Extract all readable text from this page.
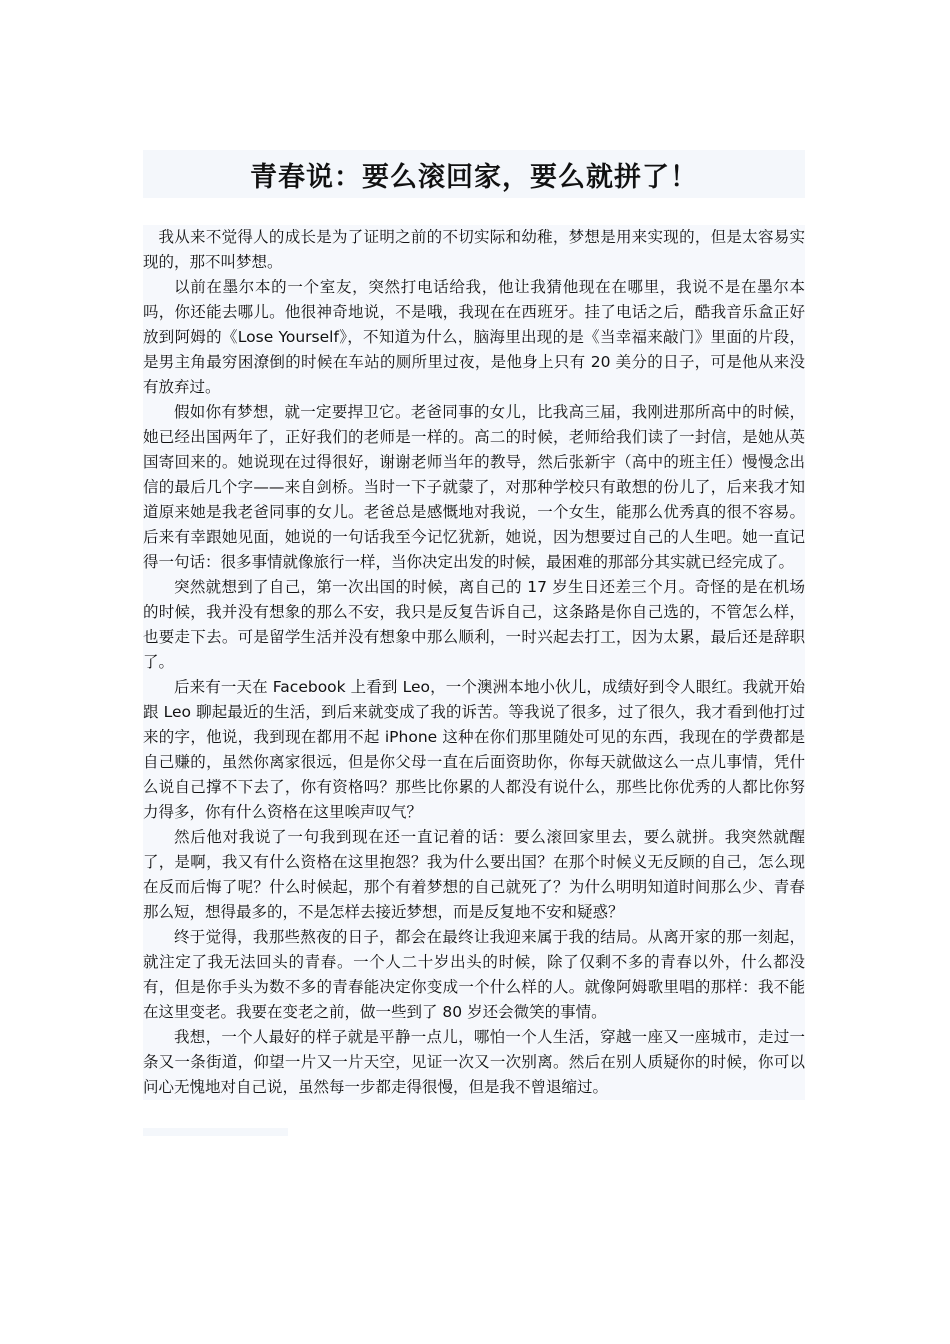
青春说：要么滚回家，要么就拼了！

我从来不觉得人的成长是为了证明之前的不切实际和幼稚，梦想是用来实现的，但是太容易实现的，那不叫梦想。

以前在墨尔本的一个室友，突然打电话给我，他让我猜他现在在哪里，我说不是在墨尔本吗，你还能去哪儿。他很神奇地说，不是哦，我现在在西班牙。挂了电话之后，酷我音乐盒正好放到阿姆的《Lose Yourself》，不知道为什么，脑海里出现的是《当幸福来敲门》里面的片段，是男主角最穷困潦倒的时候在车站的厕所里过夜，是他身上只有 20 美分的日子，可是他从来没有放弃过。

假如你有梦想，就一定要捍卫它。老爸同事的女儿，比我高三届，我刚进那所高中的时候，她已经出国两年了，正好我们的老师是一样的。高二的时候，老师给我们读了一封信，是她从英国寄回来的。她说现在过得很好，谢谢老师当年的教导，然后张新宇（高中的班主任）慢慢念出信的最后几个字——来自剑桥。当时一下子就蒙了，对那种学校只有敢想的份儿了，后来我才知道原来她是我老爸同事的女儿。老爸总是感慨地对我说，一个女生，能那么优秀真的很不容易。后来有幸跟她见面，她说的一句话我至今记忆犹新，她说，因为想要过自己的人生吧。她一直记得一句话：很多事情就像旅行一样，当你决定出发的时候，最困难的那部分其实就已经完成了。

突然就想到了自己，第一次出国的时候，离自己的 17 岁生日还差三个月。奇怪的是在机场的时候，我并没有想象的那么不安，我只是反复告诉自己，这条路是你自己选的，不管怎么样，也要走下去。可是留学生活并没有想象中那么顺利，一时兴起去打工，因为太累，最后还是辞职了。

后来有一天在 Facebook 上看到 Leo，一个澳洲本地小伙儿，成绩好到令人眼红。我就开始跟 Leo 聊起最近的生活，到后来就变成了我的诉苦。等我说了很多，过了很久，我才看到他打过来的字，他说，我到现在都用不起 iPhone 这种在你们那里随处可见的东西，我现在的学费都是自己赚的，虽然你离家很远，但是你父母一直在后面资助你，你每天就做这么一点儿事情，凭什么说自己撑不下去了，你有资格吗？那些比你累的人都没有说什么，那些比你优秀的人都比你努力得多，你有什么资格在这里唉声叹气？

然后他对我说了一句我到现在还一直记着的话：要么滚回家里去，要么就拼。我突然就醒了，是啊，我又有什么资格在这里抱怨？我为什么要出国？在那个时候义无反顾的自己，怎么现在反而后悔了呢？什么时候起，那个有着梦想的自己就死了？为什么明明知道时间那么少、青春那么短，想得最多的，不是怎样去接近梦想，而是反复地不安和疑惑？

终于觉得，我那些熬夜的日子，都会在最终让我迎来属于我的结局。从离开家的那一刻起，就注定了我无法回头的青春。一个人二十岁出头的时候，除了仅剩不多的青春以外，什么都没有，但是你手头为数不多的青春能决定你变成一个什么样的人。就像阿姆歌里唱的那样：我不能在这里变老。我要在变老之前，做一些到了 80 岁还会微笑的事情。

我想，一个人最好的样子就是平静一点儿，哪怕一个人生活，穿越一座又一座城市，走过一条又一条街道，仰望一片又一片天空，见证一次又一次别离。然后在别人质疑你的时候，你可以问心无愧地对自己说，虽然每一步都走得很慢，但是我不曾退缩过。
